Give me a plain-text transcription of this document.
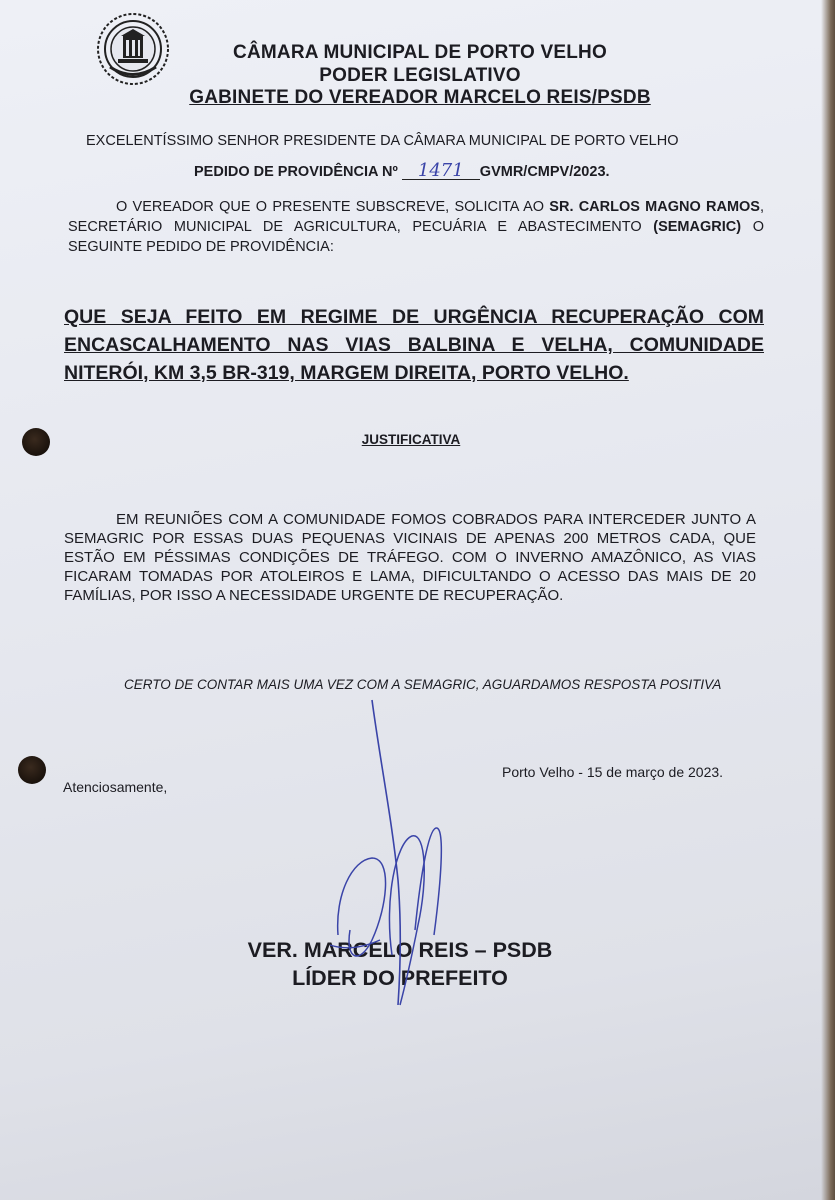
CÂMARA MUNICIPAL DE PORTO VELHO
PODER LEGISLATIVO
GABINETE DO VEREADOR MARCELO REIS/PSDB
EXCELENTÍSSIMO SENHOR PRESIDENTE DA CÂMARA MUNICIPAL DE PORTO VELHO
PEDIDO DE PROVIDÊNCIA Nº 1471 GVMR/CMPV/2023.
O VEREADOR QUE O PRESENTE SUBSCREVE, SOLICITA AO SR. CARLOS MAGNO RAMOS, SECRETÁRIO MUNICIPAL DE AGRICULTURA, PECUÁRIA E ABASTECIMENTO (SEMAGRIC) O SEGUINTE PEDIDO DE PROVIDÊNCIA:
QUE SEJA FEITO EM REGIME DE URGÊNCIA RECUPERAÇÃO COM ENCASCALHAMENTO NAS VIAS BALBINA E VELHA, COMUNIDADE
NITERÓI, KM 3,5 BR-319, MARGEM DIREITA, PORTO VELHO.
JUSTIFICATIVA
EM REUNIÕES COM A COMUNIDADE FOMOS COBRADOS PARA INTERCEDER JUNTO A SEMAGRIC POR ESSAS DUAS PEQUENAS VICINAIS DE APENAS 200 METROS CADA, QUE ESTÃO EM PÉSSIMAS CONDIÇÕES DE TRÁFEGO. COM O INVERNO AMAZÔNICO, AS VIAS FICARAM TOMADAS POR ATOLEIROS E LAMA, DIFICULTANDO O ACESSO DAS MAIS DE 20 FAMÍLIAS, POR ISSO A NECESSIDADE URGENTE DE RECUPERAÇÃO.
CERTO DE CONTAR MAIS UMA VEZ COM A SEMAGRIC, AGUARDAMOS RESPOSTA POSITIVA
Porto Velho - 15 de março de 2023.
Atenciosamente,
VER. MARCELO REIS – PSDB
LÍDER DO PREFEITO
